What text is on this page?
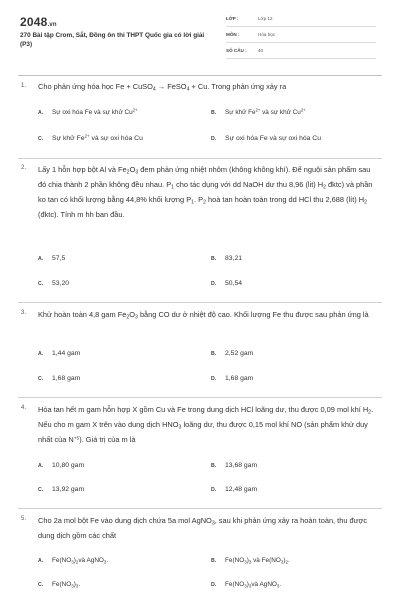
2048.vn
270 Bài tập Crom, Sắt, Đồng ôn thi THPT Quốc gia có lời giải (P3)
LỚP :	Lớp 12
MÔN :	Hóa học
SỐ CÂU : 40
1. Cho phản ứng hóa học Fe + CuSO$_4$ → FeSO$_4$ + Cu. Trong phản ứng xảy ra
A. Sự oxi hóa Fe và sự khử $Cu^{2+}$	B. Sự khử $Fe^{2+}$ và sự khử $Cu^{2+}$
C. Sự khử $Fe^{2+}$ và sự oxi hóa Cu	D. Sự oxi hóa Fe và sự oxi hóa Cu
2. Lấy 1 hỗn hợp bột Al và $Fe_2O_3$ đem phản ứng nhiệt nhôm (không không khí). Để nguội sản phẩm sau đó chia thành 2 phần không đều nhau. $P_1$ cho tác dụng với dd NaOH dư thu 8,96 (lit) $H_2$ đktc) và phần ko tan có khối lượng bằng 44,8% khối lượng $P_1$. $P_2$ hoà tan hoàn toàn trong dd HCl thu 2,688 (lít) $H_2$ (đktc). Tính m hh ban đầu.
A. 57,5	B. 83,21
C. 53,20	D. 50,54
3. Khử hoàn toàn 4,8 gam $Fe_2O_3$ bằng CO dư ở nhiệt độ cao. Khối lượng Fe thu được sau phản ứng là
A. 1,44 gam	B. 2,52 gam
C. 1,68 gam	D. 1,68 gam
4. Hòa tan hết m gam hỗn hợp X gồm Cu và Fe trong dung dịch HCl loãng dư, thu được 0,09 mol khí $H_2$. Nếu cho m gam X trên vào dung dịch $HNO_3$ loãng dư, thu được 0,15 mol khí NO (sản phẩm khử duy nhất của $N^{+5}$). Giá trị của m là
A. 10,80 gam	B. 13,68 gam
C. 13,92 gam	D. 12,48 gam
5. Cho 2a mol bột Fe vào dung dịch chứa 5a mol AgNO$_3$, sau khi phản ứng xảy ra hoàn toàn, thu được dung dịch gồm các chất
A. $Fe(NO_3)_2và$ AgNO$_3$.	B. $Fe(NO_3)_3$ và $Fe(NO_3)_2$.
C. $Fe(NO_3)_3$.	D. $Fe(NO_3)_3và$ AgNO$_3$.
